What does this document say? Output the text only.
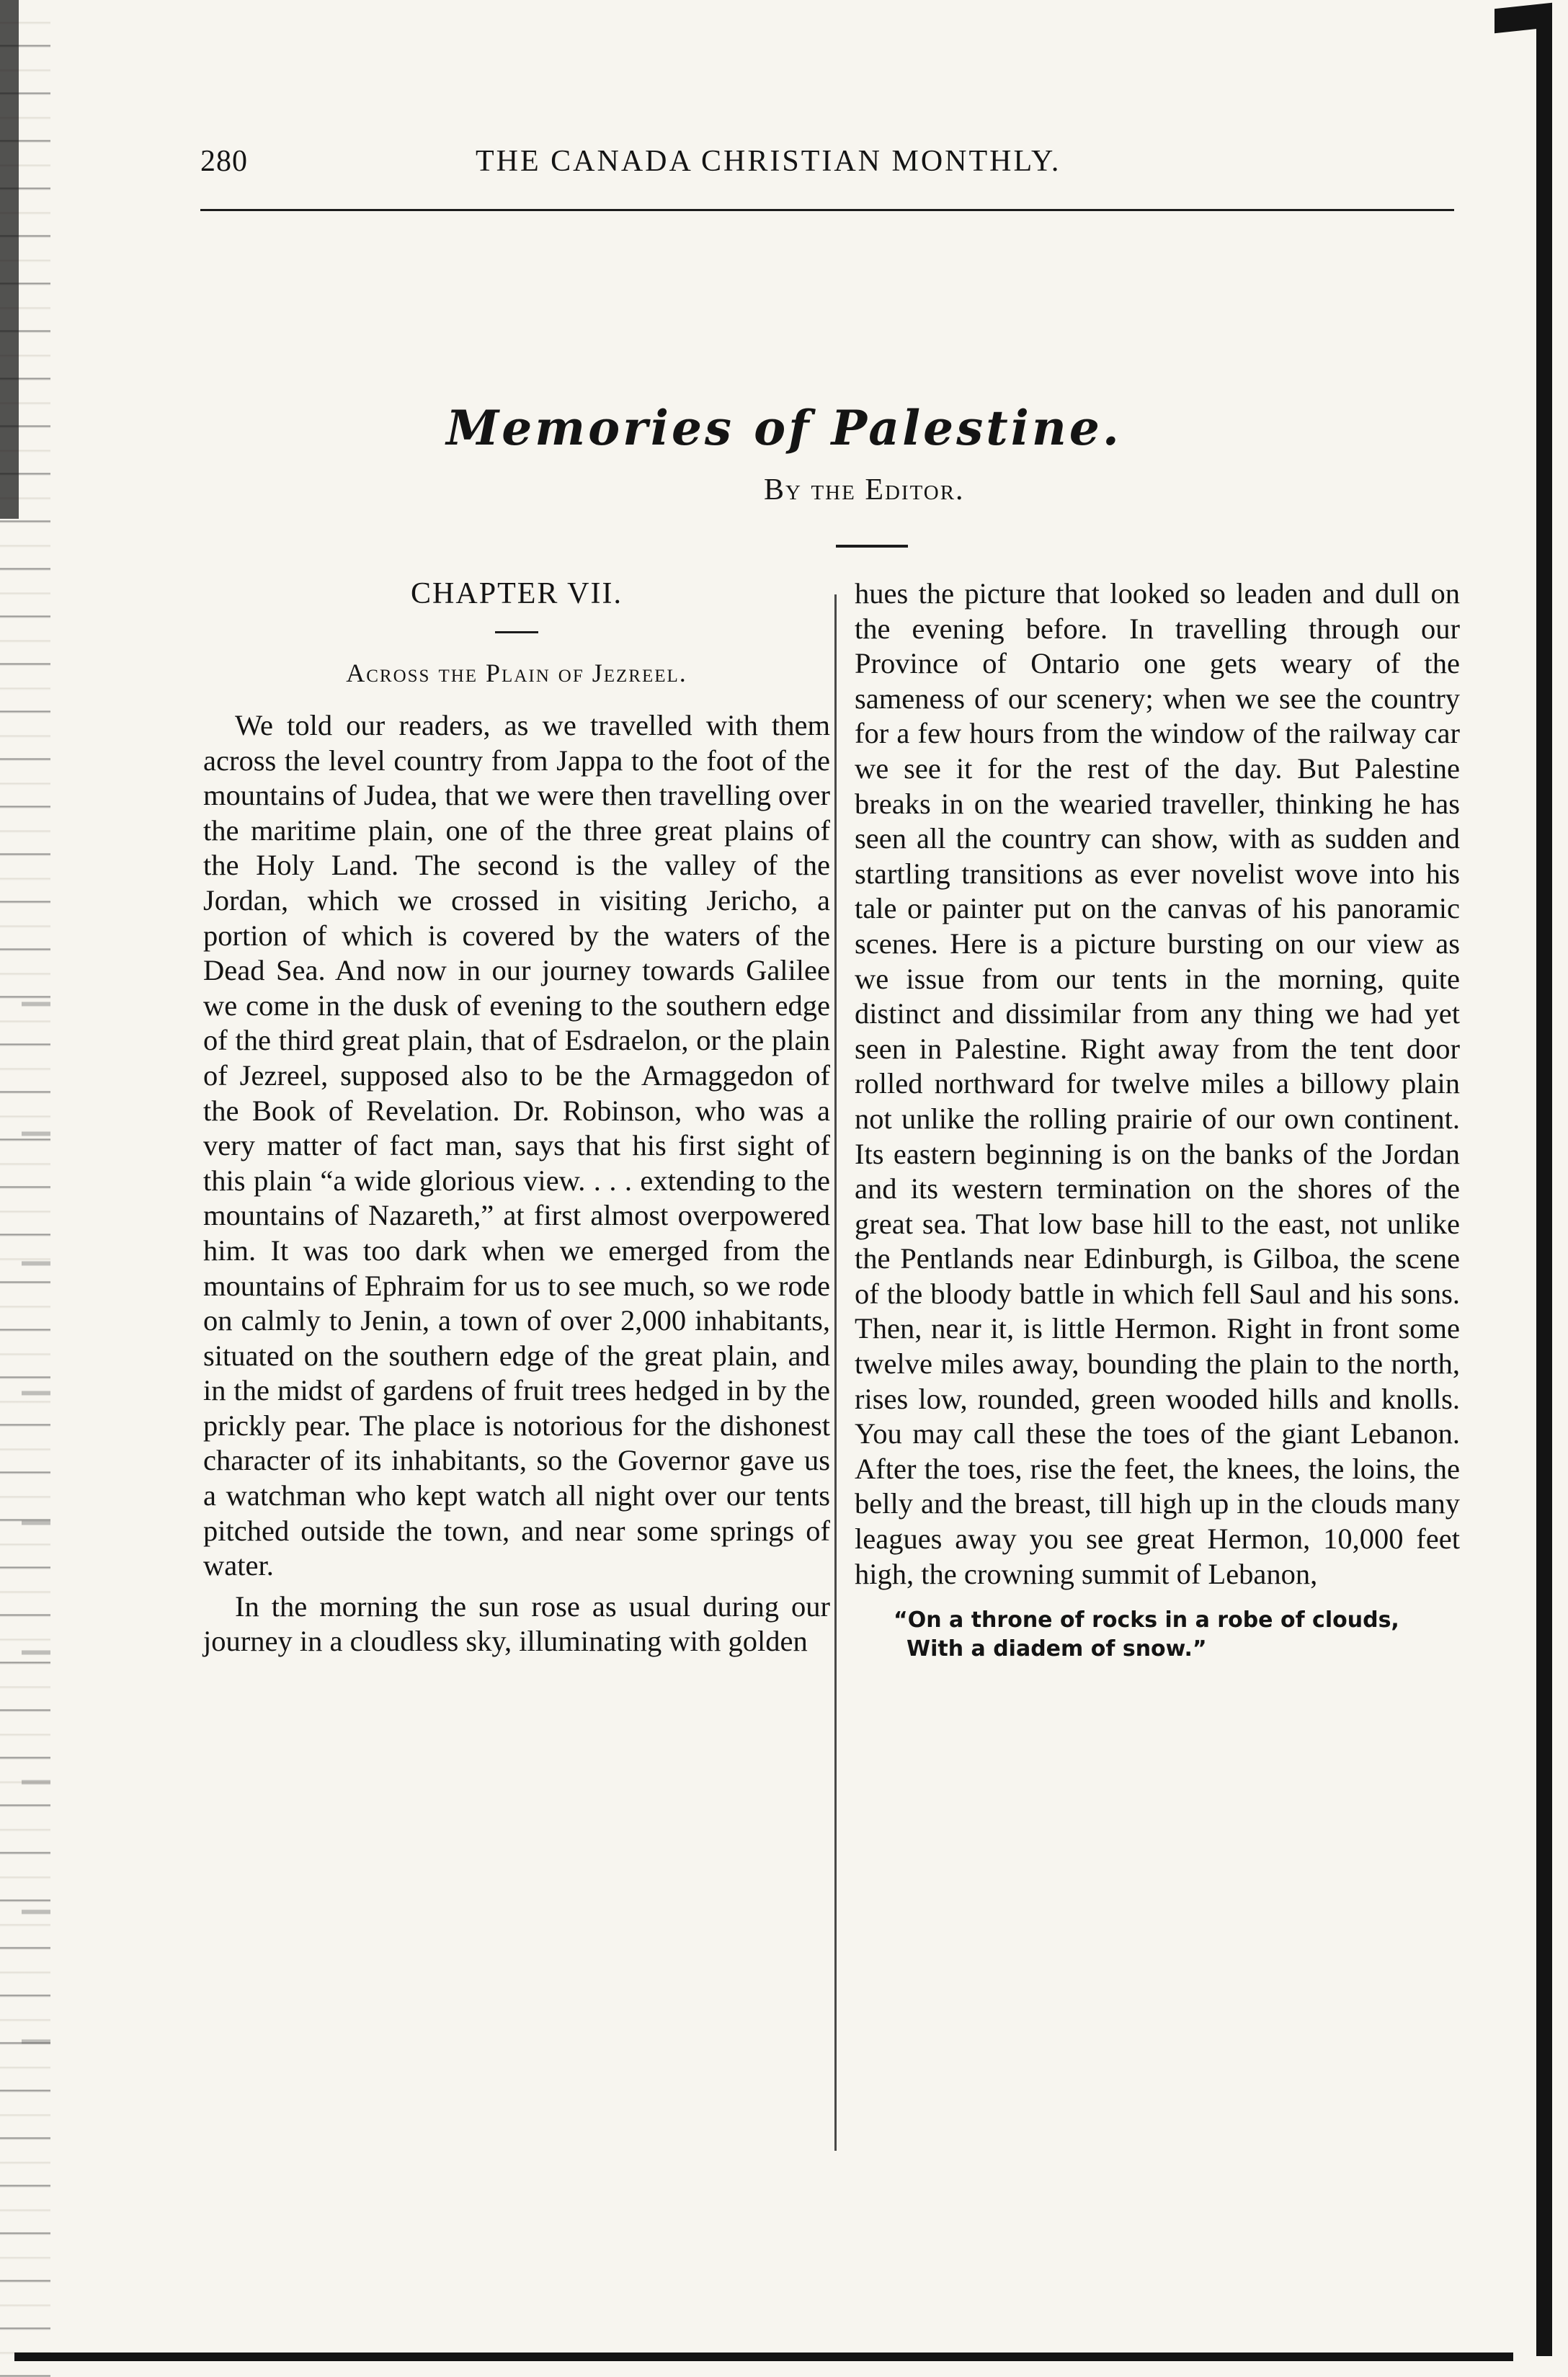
280	THE CANADA CHRISTIAN MONTHLY.
Memories of Palestine.
By the Editor.
CHAPTER VII.
Across the Plain of Jezreel.

We told our readers, as we travelled with them across the level country from Jappa to the foot of the mountains of Judea, that we were then travelling over the maritime plain, one of the three great plains of the Holy Land. The second is the valley of the Jordan, which we crossed in visiting Jericho, a portion of which is covered by the waters of the Dead Sea. And now in our journey towards Galilee we come in the dusk of evening to the southern edge of the third great plain, that of Esdraelon, or the plain of Jezreel, supposed also to be the Armaggedon of the Book of Revelation. Dr. Robinson, who was a very matter of fact man, says that his first sight of this plain “a wide glorious view. . . . extending to the mountains of Nazareth,” at first almost overpowered him. It was too dark when we emerged from the mountains of Ephraim for us to see much, so we rode on calmly to Jenin, a town of over 2,000 inhabitants, situated on the southern edge of the great plain, and in the midst of gardens of fruit trees hedged in by the prickly pear. The place is notorious for the dishonest character of its inhabitants, so the Governor gave us a watchman who kept watch all night over our tents pitched outside the town, and near some springs of water.

In the morning the sun rose as usual during our journey in a cloudless sky, illuminating with golden

hues the picture that looked so leaden and dull on the evening before. In travelling through our Province of Ontario one gets weary of the sameness of our scenery; when we see the country for a few hours from the window of the railway car we see it for the rest of the day. But Palestine breaks in on the wearied traveller, thinking he has seen all the country can show, with as sudden and startling transitions as ever novelist wove into his tale or painter put on the canvas of his panoramic scenes. Here is a picture bursting on our view as we issue from our tents in the morning, quite distinct and dissimilar from any thing we had yet seen in Palestine. Right away from the tent door rolled northward for twelve miles a billowy plain not unlike the rolling prairie of our own continent. Its eastern beginning is on the banks of the Jordan and its western termination on the shores of the great sea. That low base hill to the east, not unlike the Pentlands near Edinburgh, is Gilboa, the scene of the bloody battle in which fell Saul and his sons. Then, near it, is little Hermon. Right in front some twelve miles away, bounding the plain to the north, rises low, rounded, green wooded hills and knolls. You may call these the toes of the giant Lebanon. After the toes, rise the feet, the knees, the loins, the belly and the breast, till high up in the clouds many leagues away you see great Hermon, 10,000 feet high, the crowning summit of Lebanon,

“On a throne of rocks in a robe of clouds,
With a diadem of snow.”
